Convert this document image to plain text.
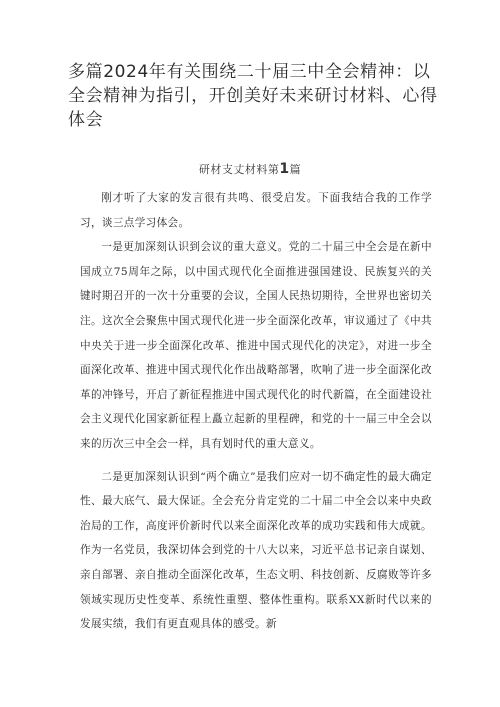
多篇2024年有关围绕二十届三中全会精神：以全会精神为指引，开创美好未来研讨材料、心得体会
研材支丈材料第1篇

刚才听了大家的发言很有共鸣、很受启发。下面我结合我的工作学习，谈三点学习体会。

一是更加深刻认识到会议的重大意义。党的二十届三中全会是在新中国成立75周年之际，以中国式现代化全面推进强国建设、民族复兴的关键时期召开的一次十分重要的会议，全国人民热切期待，全世界也密切关注。这次全会聚焦中国式现代化进一步全面深化改革，审议通过了《中共中央关于进一步全面深化改革、推进中国式现代化的决定》，对进一步全面深化改革、推进中国式现代化作出战略部署，吹响了进一步全面深化改革的冲锋号，开启了新征程推进中国式现代化的时代新篇，在全面建设社会主义现代化国家新征程上矗立起新的里程碑，和党的十一届三中全会以来的历次三中全会一样，具有划时代的重大意义。

二是更加深刻认识到“两个确立”是我们应对一切不确定性的最大确定性、最大底气、最大保证。全会充分肯定党的二十届二中全会以来中央政治局的工作，高度评价新时代以来全面深化改革的成功实践和伟大成就。作为一名党员，我深切体会到党的十八大以来，习近平总书记亲自谋划、亲自部署、亲自推动全面深化改革，生态文明、科技创新、反腐败等许多领域实现历史性变革、系统性重塑、整体性重构。联系XX新时代以来的发展实绩，我们有更直观具体的感受。新
